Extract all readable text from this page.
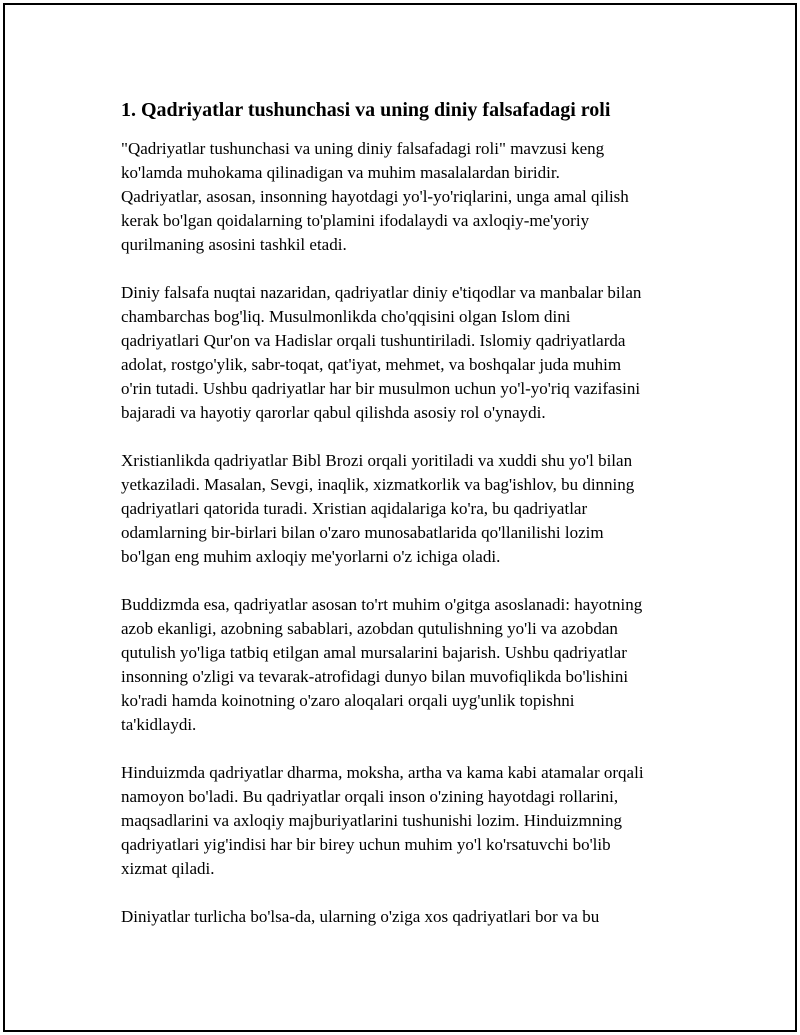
1. Qadriyatlar tushunchasi va uning diniy falsafadagi roli

"Qadriyatlar tushunchasi va uning diniy falsafadagi roli" mavzusi keng
ko'lamda muhokama qilinadigan va muhim masalalardan biridir.
Qadriyatlar, asosan, insonning hayotdagi yo'l-yo'riqlarini, unga amal qilish
kerak bo'lgan qoidalarning to'plamini ifodalaydi va axloqiy-me'yoriy
qurilmaning asosini tashkil etadi.

Diniy falsafa nuqtai nazaridan, qadriyatlar diniy e'tiqodlar va manbalar bilan
chambarchas bog'liq. Musulmonlikda cho'qqisini olgan Islom dini
qadriyatlari Qur'on va Hadislar orqali tushuntiriladi. Islomiy qadriyatlarda
adolat, rostgo'ylik, sabr-toqat, qat'iyat, mehmet, va boshqalar juda muhim
o'rin tutadi. Ushbu qadriyatlar har bir musulmon uchun yo'l-yo'riq vazifasini
bajaradi va hayotiy qarorlar qabul qilishda asosiy rol o'ynaydi.

Xristianlikda qadriyatlar Bibl Brozi orqali yoritiladi va xuddi shu yo'l bilan
yetkaziladi. Masalan, Sevgi, inaqlik, xizmatkorlik va bag'ishlov, bu dinning
qadriyatlari qatorida turadi. Xristian aqidalariga ko'ra, bu qadriyatlar
odamlarning bir-birlari bilan o'zaro munosabatlarida qo'llanilishi lozim
bo'lgan eng muhim axloqiy me'yorlarni o'z ichiga oladi.

Buddizmda esa, qadriyatlar asosan to'rt muhim o'gitga asoslanadi: hayotning
azob ekanligi, azobning sabablari, azobdan qutulishning yo'li va azobdan
qutulish yo'liga tatbiq etilgan amal mursalarini bajarish. Ushbu qadriyatlar
insonning o'zligi va tevarak-atrofidagi dunyo bilan muvofiqlikda bo'lishini
ko'radi hamda koinotning o'zaro aloqalari orqali uyg'unlik topishni
ta'kidlaydi.

Hinduizmda qadriyatlar dharma, moksha, artha va kama kabi atamalar orqali
namoyon bo'ladi. Bu qadriyatlar orqali inson o'zining hayotdagi rollarini,
maqsadlarini va axloqiy majburiyatlarini tushunishi lozim. Hinduizmning
qadriyatlari yig'indisi har bir birey uchun muhim yo'l ko'rsatuvchi bo'lib
xizmat qiladi.

Diniyatlar turlicha bo'lsa-da, ularning o'ziga xos qadriyatlari bor va bu
